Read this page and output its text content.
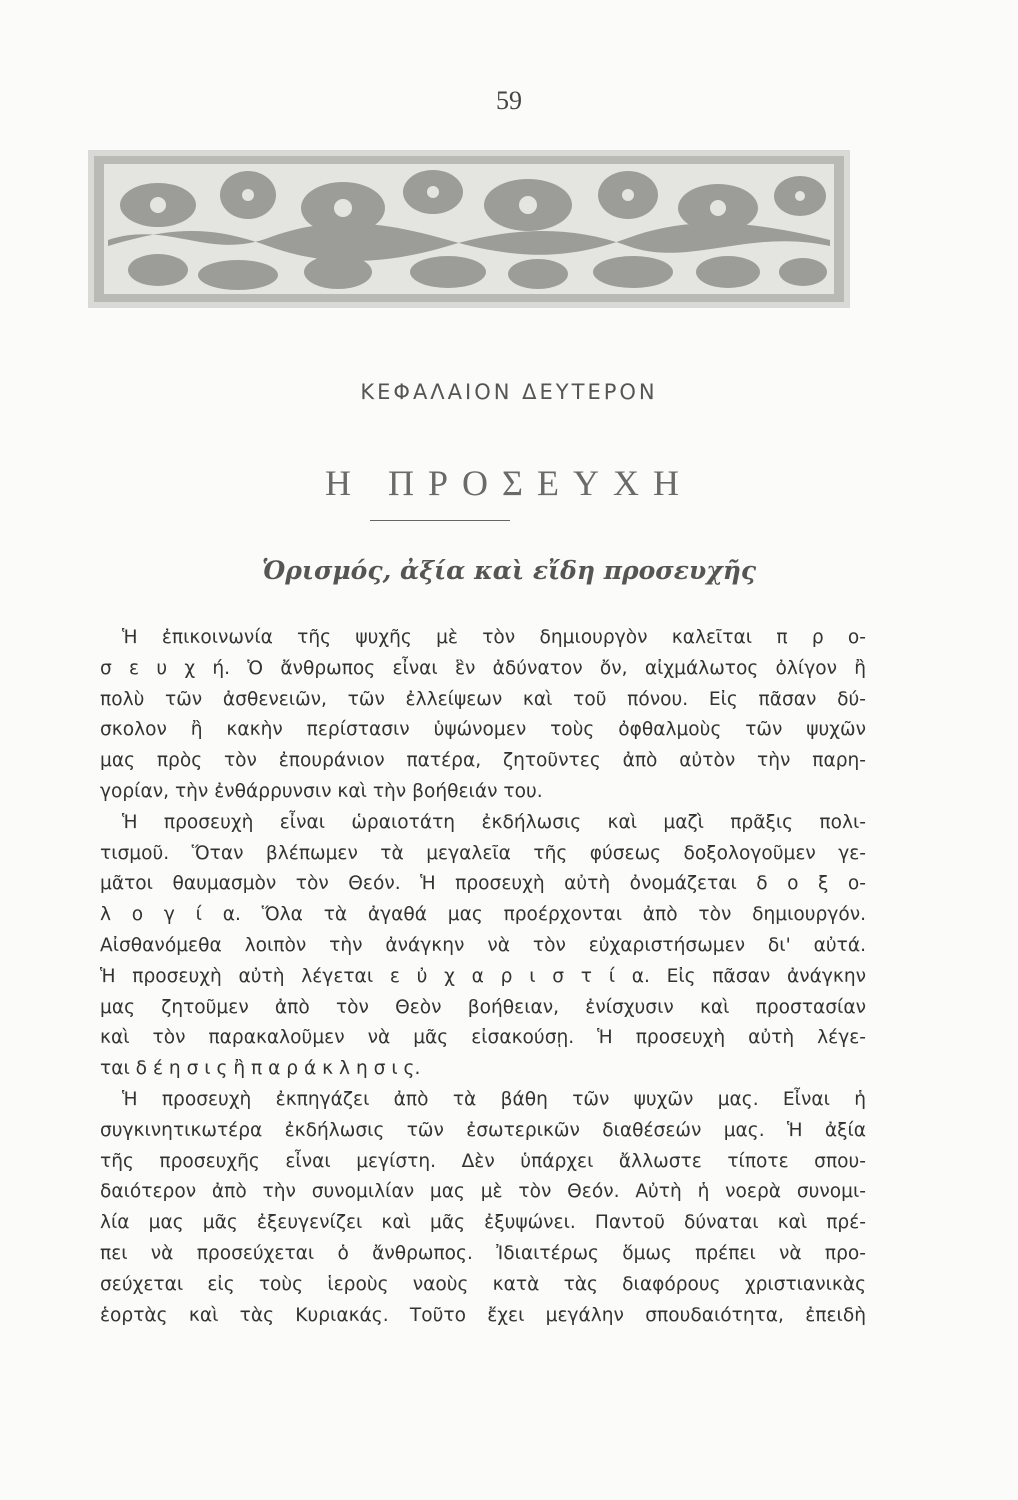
59
ΚΕΦΑΛΑΙΟΝ ΔΕΥΤΕΡΟΝ
Η ΠΡΟΣΕΥΧΗ
Ὁρισμός, ἀξία καὶ εἴδη προσευχῆς
Ἡ ἐπικοινωνία τῆς ψυχῆς μὲ τὸν δημιουργὸν καλεῖται π ρ ο-
σ ε υ χ ή. Ὁ ἄνθρωπος εἶναι ἓν ἀδύνατον ὄν, αἰχμάλωτος ὀλίγον ἢ
πολὺ τῶν ἀσθενειῶν, τῶν ἐλλείψεων καὶ τοῦ πόνου. Εἰς πᾶσαν δύ-
σκολον ἢ κακὴν περίστασιν ὑψώνομεν τοὺς ὀφθαλμοὺς τῶν ψυχῶν
μας πρὸς τὸν ἐπουράνιον πατέρα, ζητοῦντες ἀπὸ αὐτὸν τὴν παρη-
γορίαν, τὴν ἐνθάρρυνσιν καὶ τὴν βοήθειάν του.
Ἡ προσευχὴ εἶναι ὡραιοτάτη ἐκδήλωσις καὶ μαζὶ πρᾶξις πολι-
τισμοῦ. Ὅταν βλέπωμεν τὰ μεγαλεῖα τῆς φύσεως δοξολογοῦμεν γε-
μᾶτοι θαυμασμὸν τὸν Θεόν. Ἡ προσευχὴ αὐτὴ ὀνομάζεται δ ο ξ ο-
λ ο γ ί α. Ὅλα τὰ ἀγαθά μας προέρχονται ἀπὸ τὸν δημιουργόν.
Αἰσθανόμεθα λοιπὸν τὴν ἀνάγκην νὰ τὸν εὐχαριστήσωμεν δι' αὐτά.
Ἡ προσευχὴ αὐτὴ λέγεται ε ὐ χ α ρ ι σ τ ί α. Εἰς πᾶσαν ἀνάγκην
μας ζητοῦμεν ἀπὸ τὸν Θεὸν βοήθειαν, ἐνίσχυσιν καὶ προστασίαν
καὶ τὸν παρακαλοῦμεν νὰ μᾶς εἰσακούσῃ. Ἡ προσευχὴ αὐτὴ λέγε-
ται δ έ η σ ι ς ἢ π α ρ ά κ λ η σ ι ς.
Ἡ προσευχὴ ἐκπηγάζει ἀπὸ τὰ βάθη τῶν ψυχῶν μας. Εἶναι ἡ
συγκινητικωτέρα ἐκδήλωσις τῶν ἐσωτερικῶν διαθέσεών μας. Ἡ ἀξία
τῆς προσευχῆς εἶναι μεγίστη. Δὲν ὑπάρχει ἄλλωστε τίποτε σπου-
δαιότερον ἀπὸ τὴν συνομιλίαν μας μὲ τὸν Θεόν. Αὐτὴ ἡ νοερὰ συνομι-
λία μας μᾶς ἐξευγενίζει καὶ μᾶς ἐξυψώνει. Παντοῦ δύναται καὶ πρέ-
πει νὰ προσεύχεται ὁ ἄνθρωπος. Ἰδιαιτέρως ὅμως πρέπει νὰ προ-
σεύχεται εἰς τοὺς ἱεροὺς ναοὺς κατὰ τὰς διαφόρους χριστιανικὰς
ἑορτὰς καὶ τὰς Κυριακάς. Τοῦτο ἔχει μεγάλην σπουδαιότητα, ἐπειδὴ
